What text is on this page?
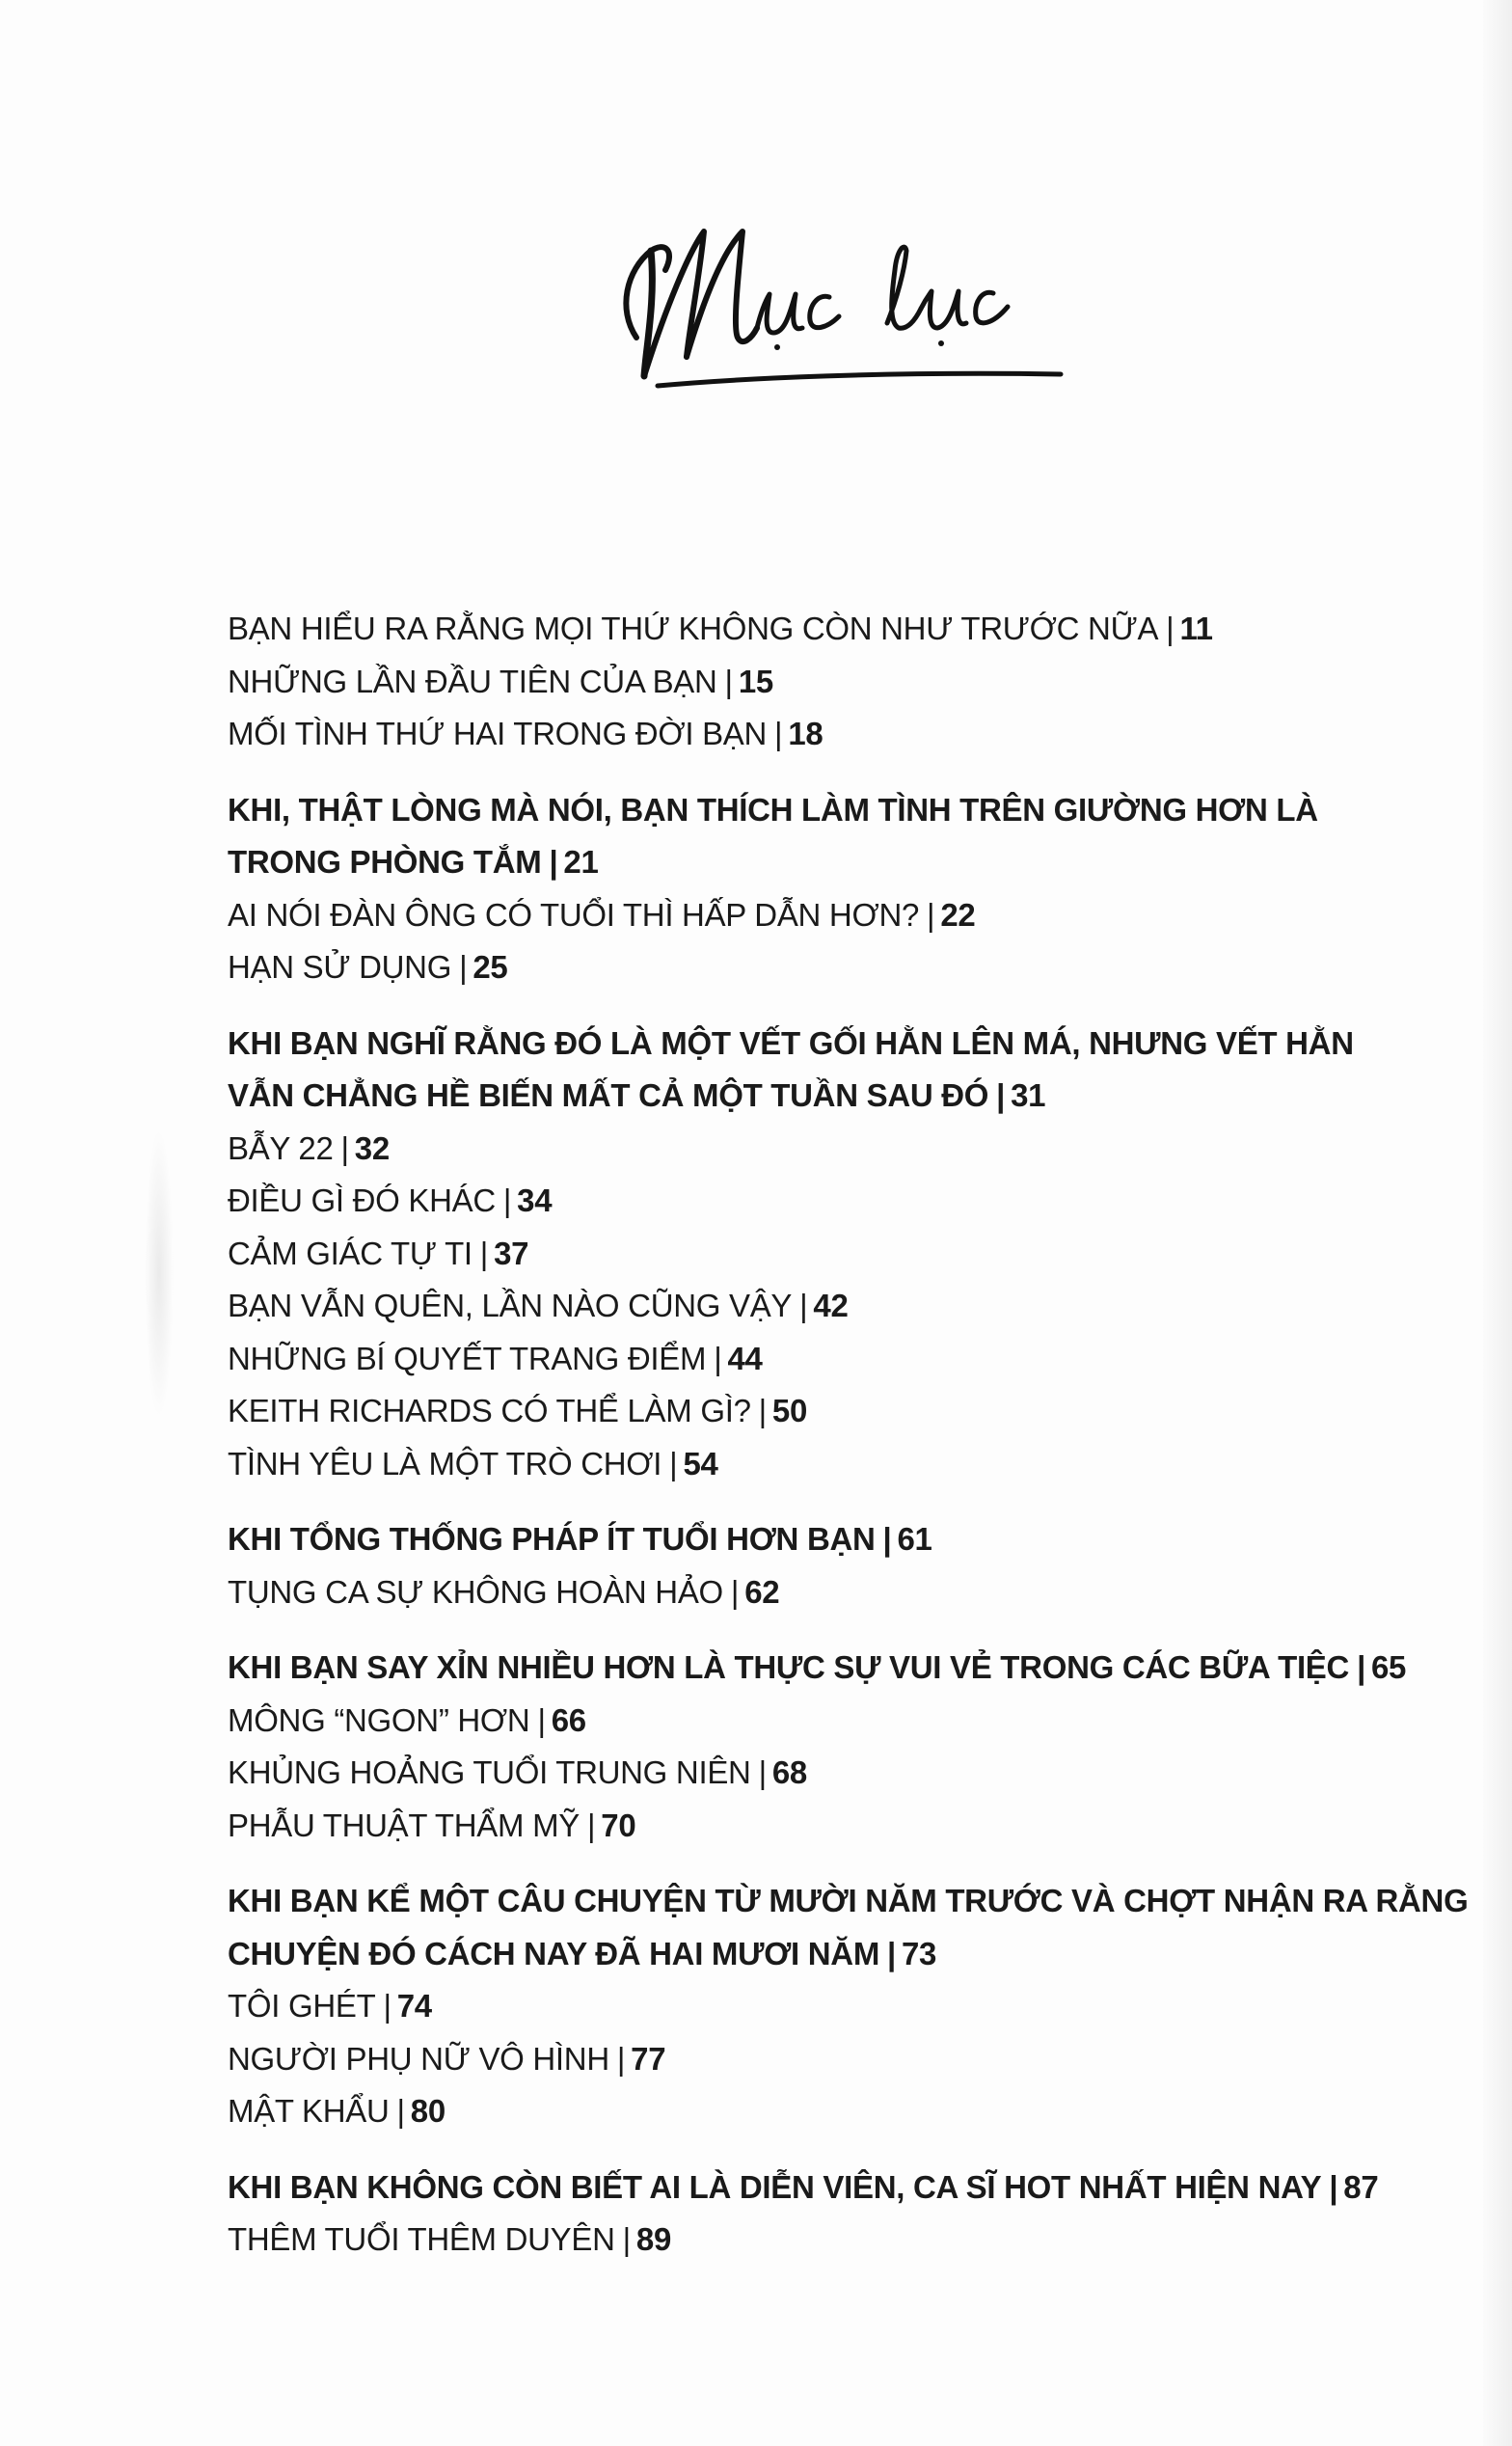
BẠN HIỂU RA RẰNG MỌI THỨ KHÔNG CÒN NHƯ TRƯỚC NỮA | 11
NHỮNG LẦN ĐẦU TIÊN CỦA BẠN | 15
MỐI TÌNH THỨ HAI TRONG ĐỜI BẠN | 18
KHI, THẬT LÒNG MÀ NÓI, BẠN THÍCH LÀM TÌNH TRÊN GIƯỜNG HƠN LÀ
TRONG PHÒNG TẮM | 21
AI NÓI ĐÀN ÔNG CÓ TUỔI THÌ HẤP DẪN HƠN? | 22
HẠN SỬ DỤNG | 25
KHI BẠN NGHĨ RẰNG ĐÓ LÀ MỘT VẾT GỐI HẰN LÊN MÁ, NHƯNG VẾT HẰN
VẪN CHẲNG HỀ BIẾN MẤT CẢ MỘT TUẦN SAU ĐÓ | 31
BẪY 22 | 32
ĐIỀU GÌ ĐÓ KHÁC | 34
CẢM GIÁC TỰ TI | 37
BẠN VẪN QUÊN, LẦN NÀO CŨNG VẬY | 42
NHỮNG BÍ QUYẾT TRANG ĐIỂM | 44
KEITH RICHARDS CÓ THỂ LÀM GÌ? | 50
TÌNH YÊU LÀ MỘT TRÒ CHƠI | 54
KHI TỔNG THỐNG PHÁP ÍT TUỔI HƠN BẠN | 61
TỤNG CA SỰ KHÔNG HOÀN HẢO | 62
KHI BẠN SAY XỈN NHIỀU HƠN LÀ THỰC SỰ VUI VẺ TRONG CÁC BỮA TIỆC | 65
MÔNG “NGON” HƠN | 66
KHỦNG HOẢNG TUỔI TRUNG NIÊN | 68
PHẪU THUẬT THẨM MỸ | 70
KHI BẠN KỂ MỘT CÂU CHUYỆN TỪ MƯỜI NĂM TRƯỚC VÀ CHỢT NHẬN RA RẰNG
CHUYỆN ĐÓ CÁCH NAY ĐÃ HAI MƯƠI NĂM | 73
TÔI GHÉT | 74
NGƯỜI PHỤ NỮ VÔ HÌNH | 77
MẬT KHẨU | 80
KHI BẠN KHÔNG CÒN BIẾT AI LÀ DIỄN VIÊN, CA SĨ HOT NHẤT HIỆN NAY | 87
THÊM TUỔI THÊM DUYÊN | 89
